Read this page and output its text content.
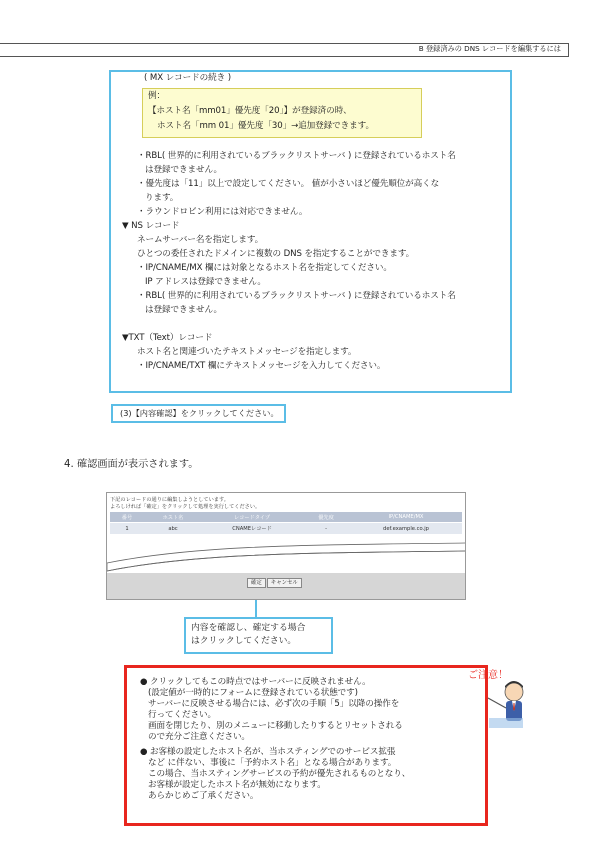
B 登録済みの DNS レコードを編集するには
( MX レコードの続き )
例：
【ホスト名「mm01」優先度「20」】が登録済の時、
ホスト名「mm 01」優先度「30」→追加登録できます。
・RBL( 世界的に利用されているブラックリストサーバ ) に登録されているホスト名
は登録できません。
・優先度は「11」以上で設定してください。 値が小さいほど優先順位が高くな
ります。
・ラウンドロビン利用には対応できません。
▼ NS レコード
ネームサーバー名を指定します。
ひとつの委任されたドメインに複数の DNS を指定することができます。
・IP/CNAME/MX 欄には対象となるホスト名を指定してください。
IP アドレスは登録できません。
・RBL( 世界的に利用されているブラックリストサーバ ) に登録されているホスト名
は登録できません。
▼TXT（Text）レコード
ホスト名と関連づいたテキストメッセージを指定します。
・IP/CNAME/TXT 欄にテキストメッセージを入力してください。
(3)【内容確認】をクリックしてください。
4. 確認画面が表示されます。
下記のレコードの通りに編集しようとしています。
よろしければ「確定」をクリックして処理を実行してください。
番号	ホスト名	レコードタイプ	優先度	IP/CNAME/MX
1	abc	CNAMEレコード	-	def.example.co.jp
確定 キャンセル
内容を確認し、確定する場合
はクリックしてください。
ご注意！
● クリックしてもこの時点ではサーバーに反映されません。
(設定値が一時的にフォームに登録されている状態です)
サーバーに反映させる場合には、必ず次の手順「5」以降の操作を
行ってください。
画面を閉じたり、別のメニューに移動したりするとリセットされる
ので充分ご注意ください。
● お客様の設定したホスト名が、当ホスティングでのサービス拡張
など に伴ない、事後に「予約ホスト名」となる場合があります。
この場合、当ホスティングサービスの予約が優先されるものとなり、
お客様が設定したホスト名が無効になります。
あらかじめご了承ください。
